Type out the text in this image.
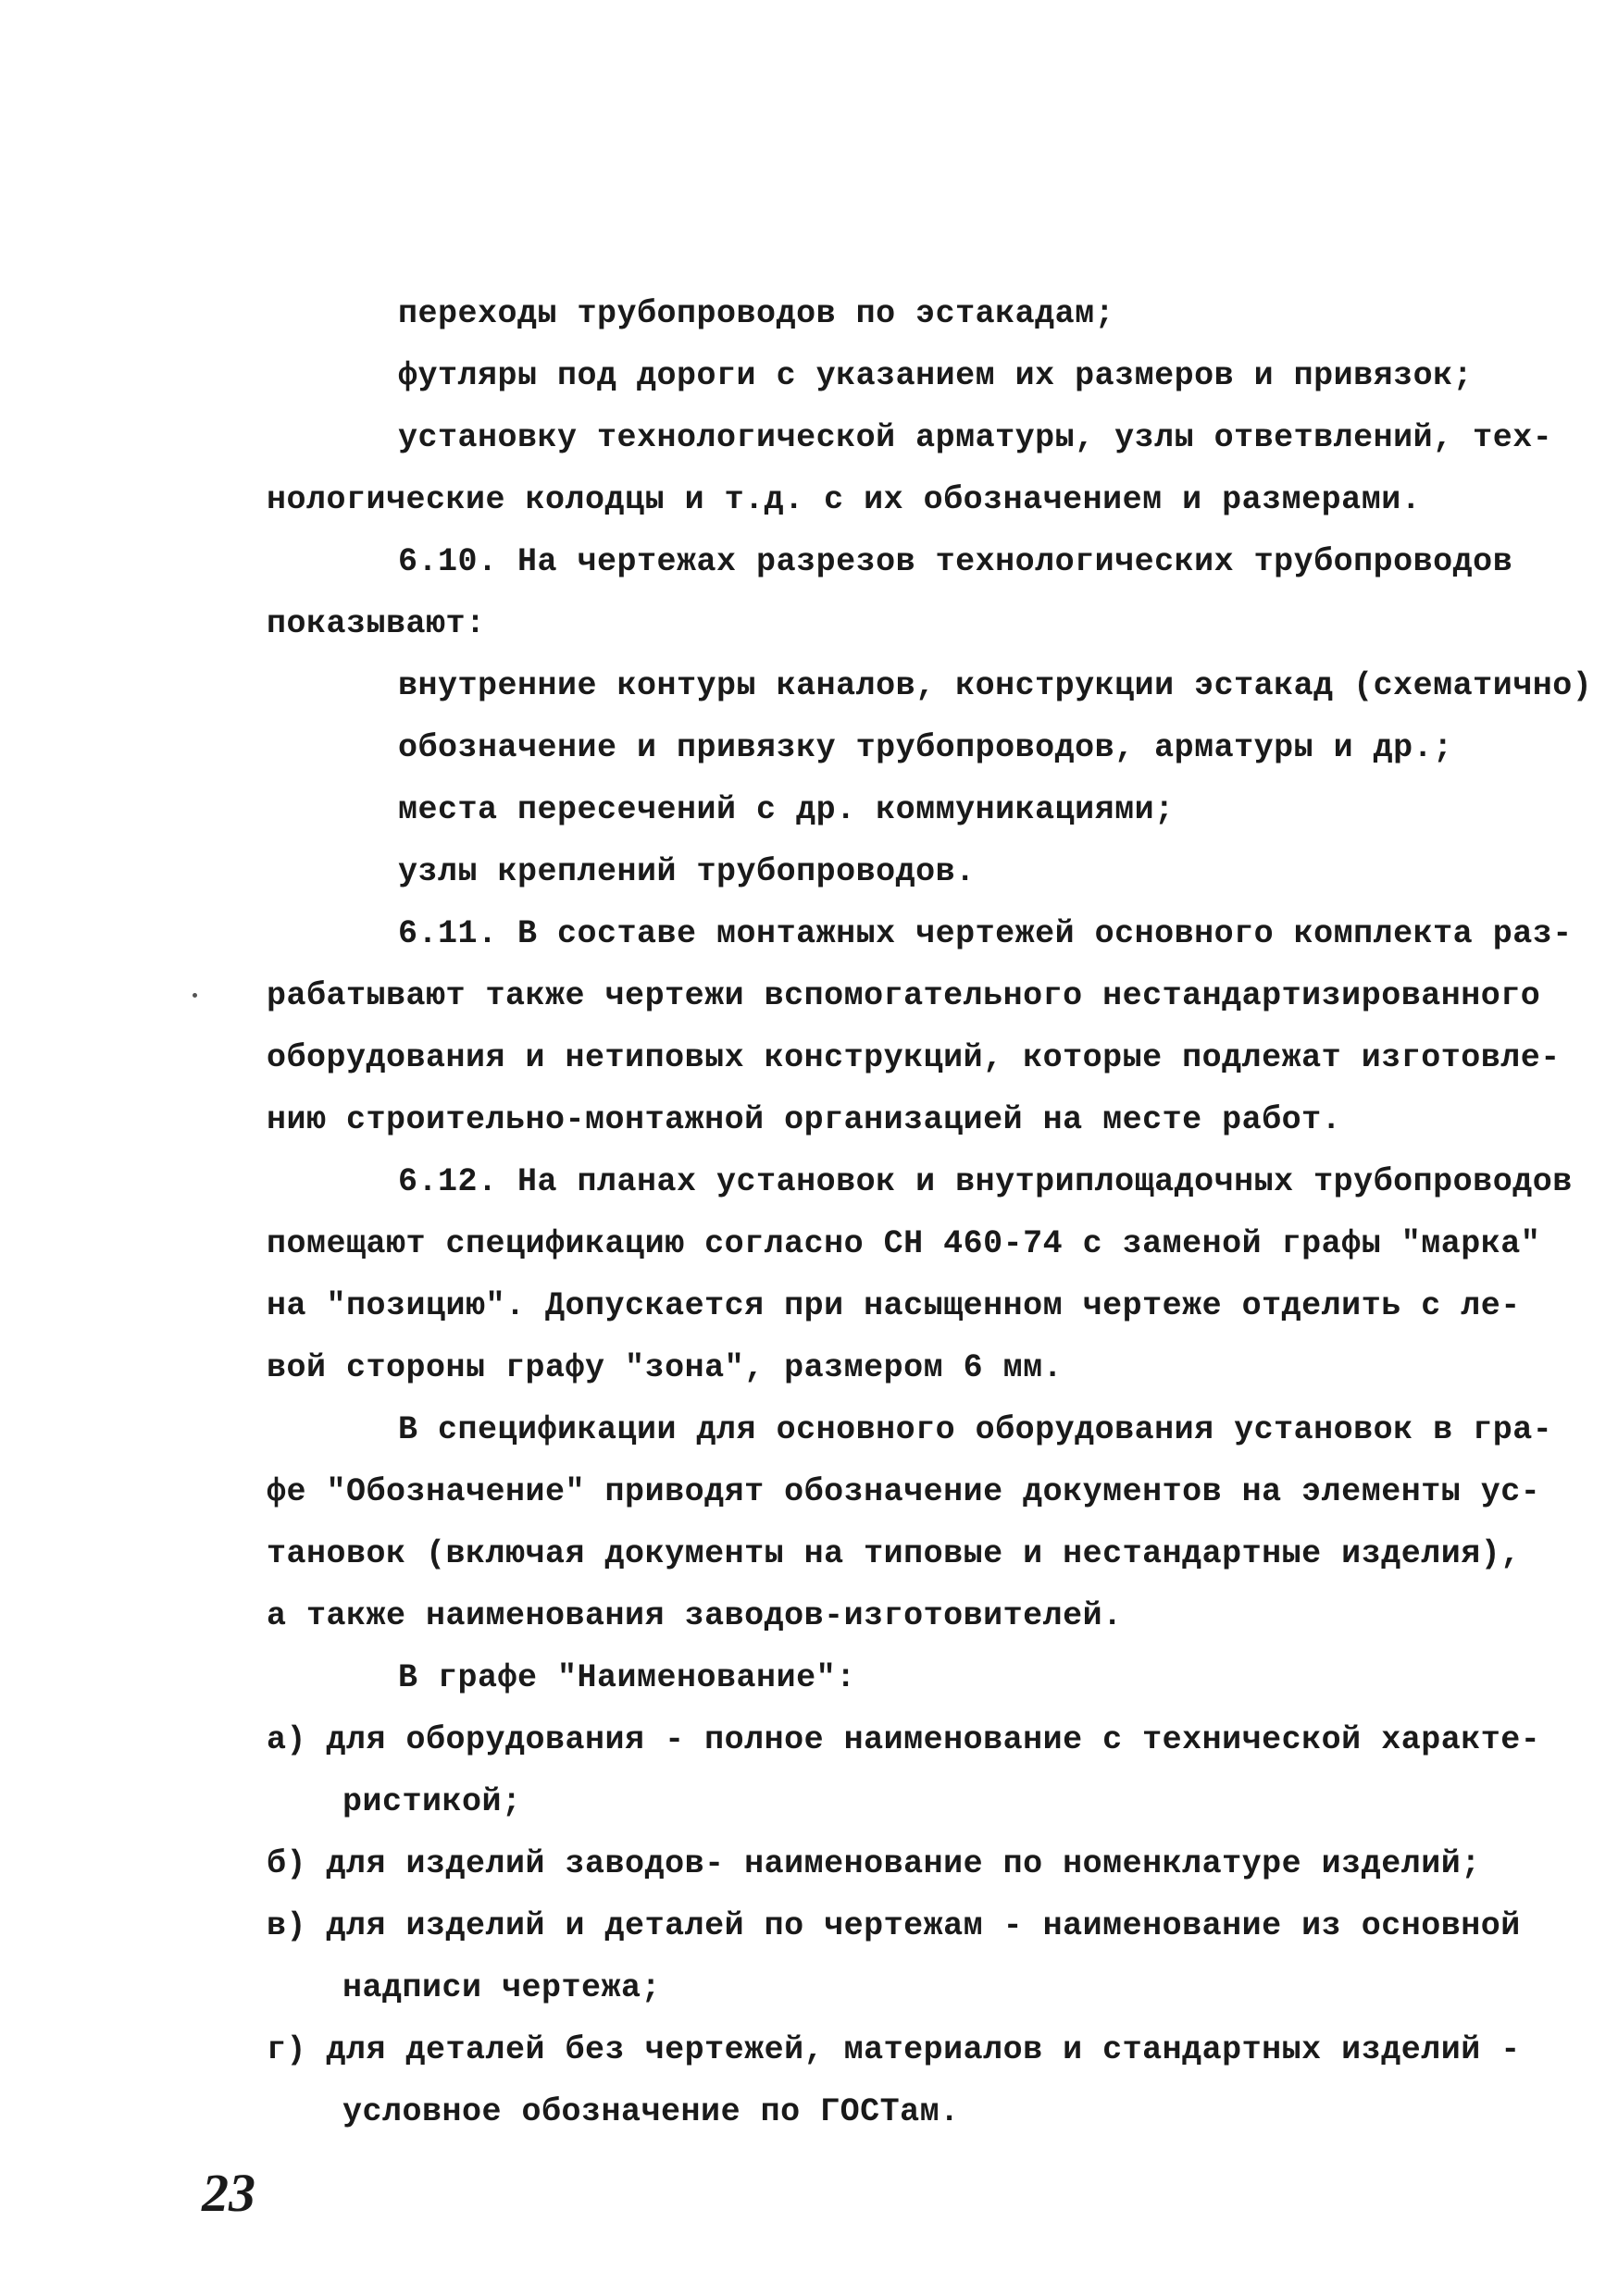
переходы трубопроводов по эстакадам;
футляры под дороги с указанием их размеров и привязок;
установку технологической арматуры, узлы ответвлений, тех-
нологические колодцы и т.д. с их обозначением и размерами.
6.10. На чертежах разрезов технологических трубопроводов
показывают:
внутренние контуры каналов, конструкции эстакад (схематично)
обозначение и привязку трубопроводов, арматуры и др.;
места пересечений с др. коммуникациями;
узлы креплений трубопроводов.
6.11. В составе монтажных чертежей основного комплекта раз-
рабатывают также чертежи вспомогательного нестандартизированного
оборудования и нетиповых конструкций, которые подлежат изготовле-
нию строительно-монтажной организацией на месте работ.
6.12. На планах установок и внутриплощадочных трубопроводов
помещают спецификацию согласно СН 460-74 с заменой графы "марка"
на "позицию". Допускается при насыщенном чертеже отделить с ле-
вой стороны графу "зона", размером 6 мм.
В спецификации для основного оборудования установок в гра-
фе "Обозначение" приводят обозначение документов на элементы ус-
тановок (включая документы на типовые и нестандартные изделия),
а также наименования заводов-изготовителей.
В графе "Наименование":
а) для оборудования - полное наименование с технической характе-
ристикой;
б) для изделий заводов- наименование по номенклатуре изделий;
в) для изделий и деталей по чертежам - наименование из основной
надписи чертежа;
г) для деталей без чертежей, материалов и стандартных изделий -
условное обозначение по ГОСТам.
23
